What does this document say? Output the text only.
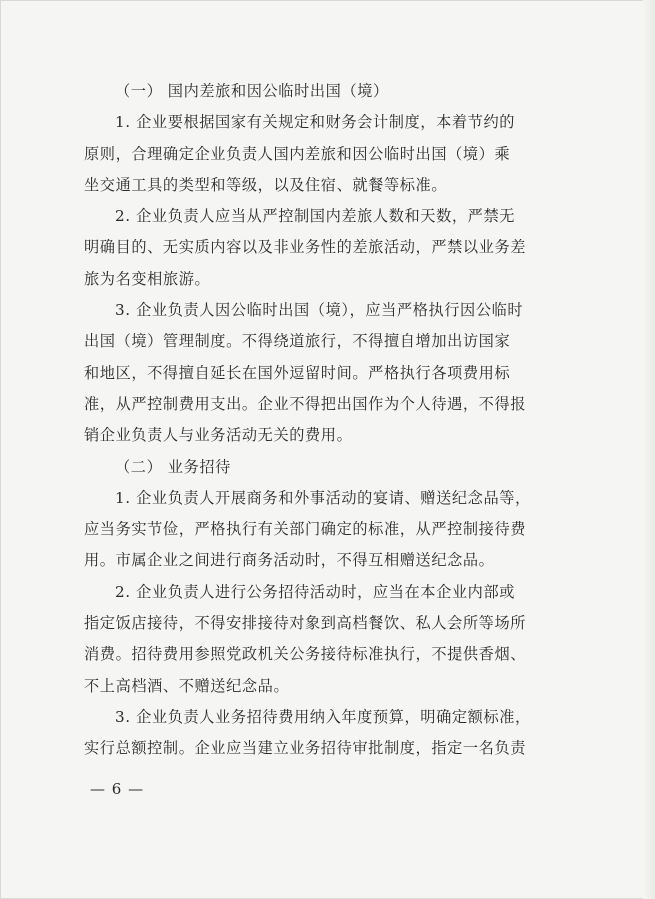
（一） 国内差旅和因公临时出国（境）
1. 企业要根据国家有关规定和财务会计制度，本着节约的
原则，合理确定企业负责人国内差旅和因公临时出国（境）乘
坐交通工具的类型和等级，以及住宿、就餐等标准。
2. 企业负责人应当从严控制国内差旅人数和天数，严禁无
明确目的、无实质内容以及非业务性的差旅活动，严禁以业务差
旅为名变相旅游。
3. 企业负责人因公临时出国（境），应当严格执行因公临时
出国（境）管理制度。不得绕道旅行，不得擅自增加出访国家
和地区，不得擅自延长在国外逗留时间。严格执行各项费用标
准，从严控制费用支出。企业不得把出国作为个人待遇，不得报
销企业负责人与业务活动无关的费用。
（二） 业务招待
1. 企业负责人开展商务和外事活动的宴请、赠送纪念品等，
应当务实节俭，严格执行有关部门确定的标准，从严控制接待费
用。市属企业之间进行商务活动时，不得互相赠送纪念品。
2. 企业负责人进行公务招待活动时，应当在本企业内部或
指定饭店接待，不得安排接待对象到高档餐饮、私人会所等场所
消费。招待费用参照党政机关公务接待标准执行，不提供香烟、
不上高档酒、不赠送纪念品。
3. 企业负责人业务招待费用纳入年度预算，明确定额标准，
实行总额控制。企业应当建立业务招待审批制度，指定一名负责
— 6 —
